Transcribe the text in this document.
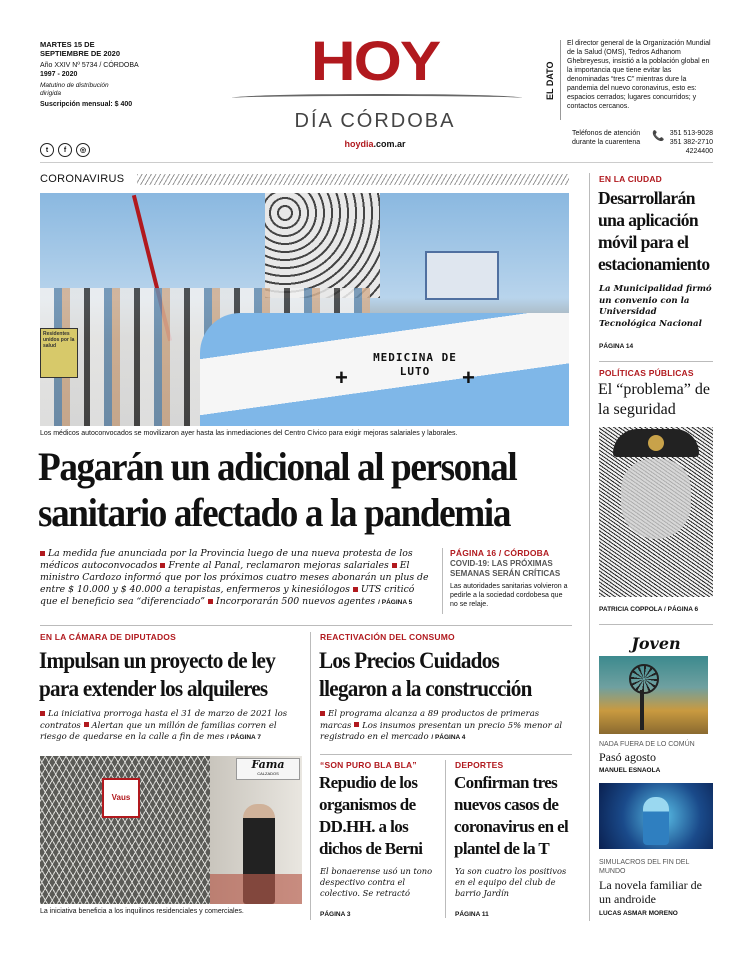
MARTES 15 DE SEPTIEMBRE DE 2020
Año XXIV Nº 5734 / CÓRDOBA
1997 - 2020
Matutino de distribución dirigida
Suscripción mensual: $ 400
t	f	◎
HOY
DÍA CÓRDOBA
hoydia.com.ar
EL DATO
El director general de la Organización Mundial de la Salud (OMS), Tedros Adhanom Ghebreyesus, insistió a la población global en la importancia que tiene evitar las denominadas “tres C” mientras dure la pandemia del nuevo coronavirus, esto es: espacios cerrados; lugares concurridos; y contactos cercanos.
Teléfonos de atención durante la cuarentena
📞 351 513-9028
351 382-2710
4224400
CORONAVIRUS
Residentes unidos por la salud
MEDICINA DE LUTO
+	+
Los médicos autoconvocados se movilizaron ayer hasta las inmediaciones del Centro Cívico para exigir mejoras salariales y laborales.
Pagarán un adicional al personal sanitario afectado a la pandemia
La medida fue anunciada por la Provincia luego de una nueva protesta de los médicos autoconvocados Frente al Panal, reclamaron mejoras salariales El ministro Cardozo informó que por los próximos cuatro meses abonarán un plus de entre $ 10.000 y $ 40.000 a terapistas, enfermeros y kinesiólogos UTS criticó que el beneficio sea “diferenciado” Incorporarán 500 nuevos agentes / PÁGINA 5
PÁGINA 16 / CÓRDOBA
COVID-19: LAS PRÓXIMAS SEMANAS SERÁN CRÍTICAS
Las autoridades sanitarias volvieron a pedirle a la sociedad cordobesa que no se relaje.
EN LA CÁMARA DE DIPUTADOS
Impulsan un proyecto de ley para extender los alquileres
La iniciativa prorroga hasta el 31 de marzo de 2021 los contratos Alertan que un millón de familias corren el riesgo de quedarse en la calle a fin de mes / PÁGINA 7
Vaus
Fama
CALZADOS
La iniciativa beneficia a los inquilinos residenciales y comerciales.
REACTIVACIÓN DEL CONSUMO
Los Precios Cuidados llegaron a la construcción
El programa alcanza a 89 productos de primeras marcas Los insumos presentan un precio 5% menor al registrado en el mercado / PÁGINA 4
“SON PURO BLA BLA”
Repudio de los organismos de DD.HH. a los dichos de Berni
El bonaerense usó un tono despectivo contra el colectivo. Se retractó
PÁGINA 3
DEPORTES
Confirman tres nuevos casos de coronavirus en el plantel de la T
Ya son cuatro los positivos en el equipo del club de barrio Jardín
PÁGINA 11
EN LA CIUDAD
Desarrollarán una aplicación móvil para el estacionamiento
La Municipalidad firmó un convenio con la Universidad Tecnológica Nacional
PÁGINA 14
POLÍTICAS PÚBLICAS
El “problema” de la seguridad
PATRICIA COPPOLA / PÁGINA 6
Joven
NADA FUERA DE LO COMÚN
Pasó agosto
MANUEL ESNAOLA
SIMULACROS DEL FIN DEL MUNDO
La novela familiar de un androide
LUCAS ASMAR MORENO
